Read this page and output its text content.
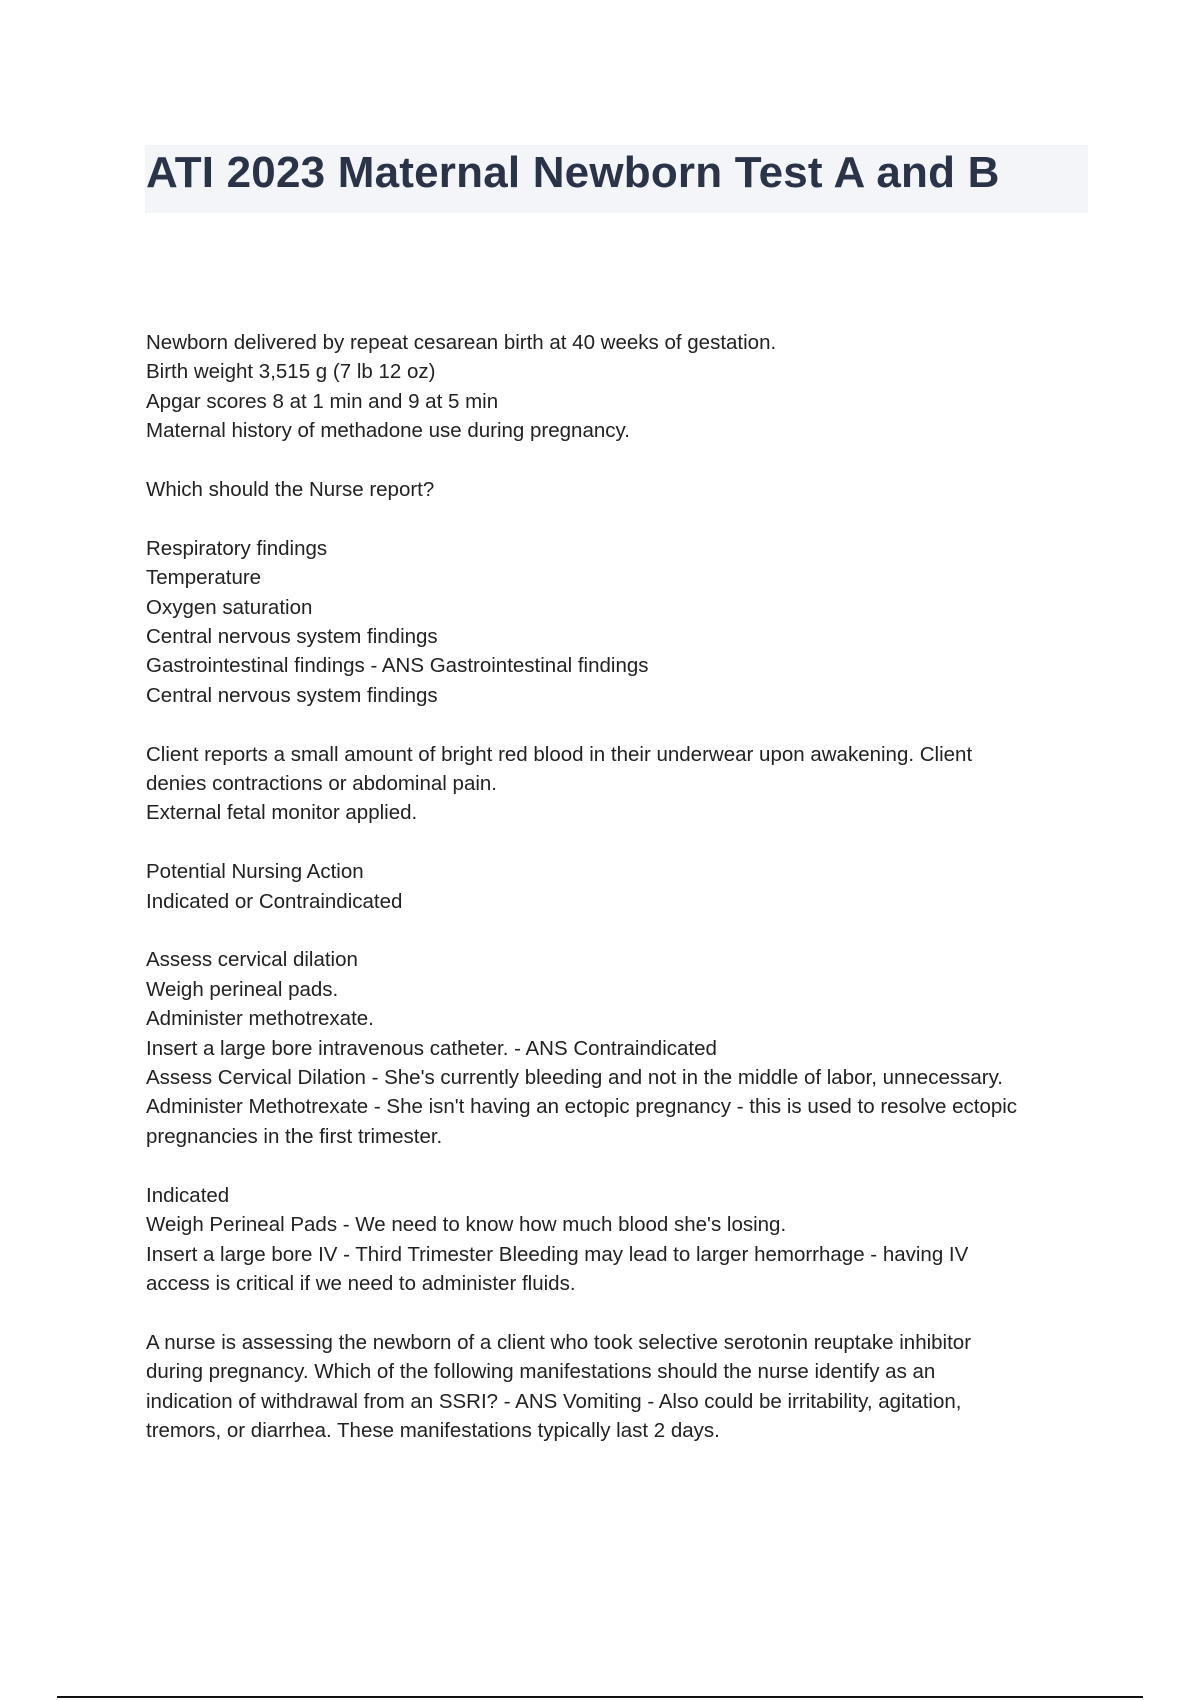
ATI 2023 Maternal Newborn Test A and B
Newborn delivered by repeat cesarean birth at 40 weeks of gestation.
Birth weight 3,515 g (7 lb 12 oz)
Apgar scores 8 at 1 min and 9 at 5 min
Maternal history of methadone use during pregnancy.
Which should the Nurse report?
Respiratory findings
Temperature
Oxygen saturation
Central nervous system findings
Gastrointestinal findings - ANS Gastrointestinal findings
Central nervous system findings
Client reports a small amount of bright red blood in their underwear upon awakening. Client
denies contractions or abdominal pain.
External fetal monitor applied.
Potential Nursing Action
Indicated or Contraindicated
Assess cervical dilation
Weigh perineal pads.
Administer methotrexate.
Insert a large bore intravenous catheter. - ANS Contraindicated
Assess Cervical Dilation - She's currently bleeding and not in the middle of labor, unnecessary.
Administer Methotrexate - She isn't having an ectopic pregnancy - this is used to resolve ectopic
pregnancies in the first trimester.
Indicated
Weigh Perineal Pads - We need to know how much blood she's losing.
Insert a large bore IV - Third Trimester Bleeding may lead to larger hemorrhage - having IV
access is critical if we need to administer fluids.
A nurse is assessing the newborn of a client who took selective serotonin reuptake inhibitor
during pregnancy. Which of the following manifestations should the nurse identify as an
indication of withdrawal from an SSRI? - ANS Vomiting - Also could be irritability, agitation,
tremors, or diarrhea. These manifestations typically last 2 days.
